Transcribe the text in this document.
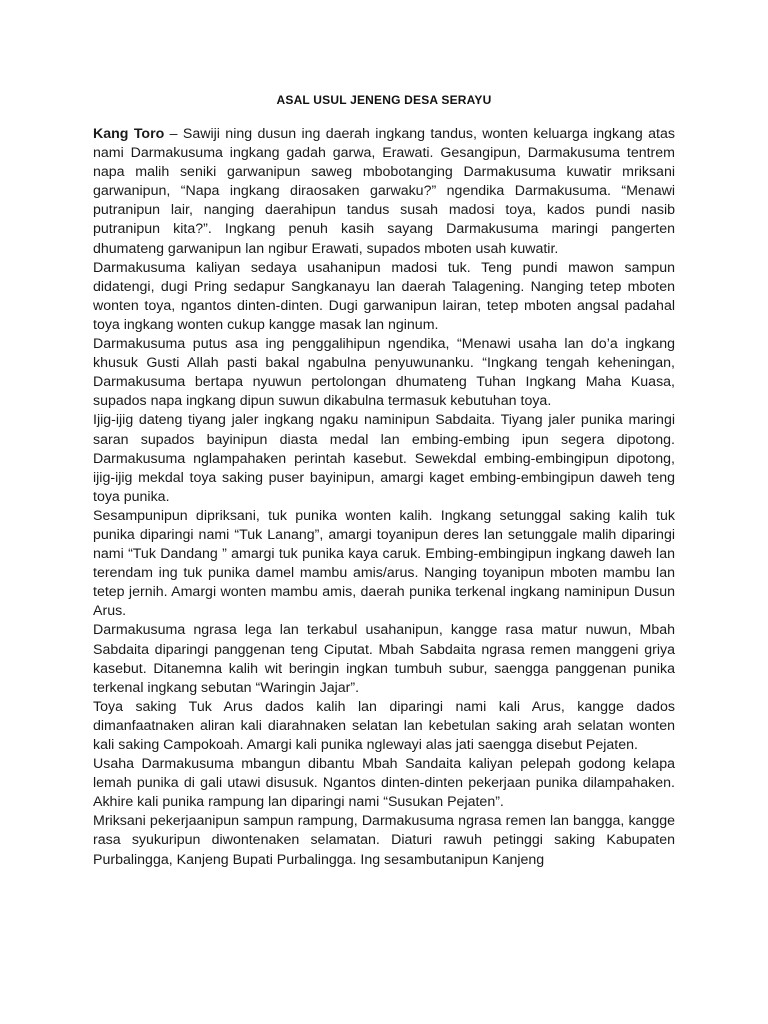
ASAL USUL JENENG DESA SERAYU

Kang Toro – Sawiji ning dusun ing daerah ingkang tandus, wonten keluarga ingkang atas nami Darmakusuma ingkang gadah garwa, Erawati. Gesangipun, Darmakusuma tentrem napa malih seniki garwanipun saweg mbobotanging Darmakusuma kuwatir mriksani garwanipun, “Napa ingkang diraosaken garwaku?” ngendika Darmakusuma. “Menawi putranipun lair, nanging daerahipun tandus susah madosi toya, kados pundi nasib putranipun kita?”. Ingkang penuh kasih sayang Darmakusuma maringi pangerten dhumateng garwanipun lan ngibur Erawati, supados mboten usah kuwatir.

Darmakusuma kaliyan sedaya usahanipun madosi tuk. Teng pundi mawon sampun didatengi, dugi Pring sedapur Sangkanayu lan daerah Talagening. Nanging tetep mboten wonten toya, ngantos dinten-dinten. Dugi garwanipun lairan, tetep mboten angsal padahal toya ingkang wonten cukup kangge masak lan nginum.

Darmakusuma putus asa ing penggalihipun ngendika, “Menawi usaha lan do’a ingkang khusuk Gusti Allah pasti bakal ngabulna penyuwunanku. “Ingkang tengah keheningan, Darmakusuma bertapa nyuwun pertolongan dhumateng Tuhan Ingkang Maha Kuasa, supados napa ingkang dipun suwun dikabulna termasuk kebutuhan toya.

Ijig-ijig dateng tiyang jaler ingkang ngaku naminipun Sabdaita. Tiyang jaler punika maringi saran supados bayinipun diasta medal lan embing-embing ipun segera dipotong. Darmakusuma nglampahaken perintah kasebut. Sewekdal embing-embingipun dipotong, ijig-ijig mekdal toya saking puser bayinipun, amargi kaget embing-embingipun daweh teng toya punika.

Sesampunipun dipriksani, tuk punika wonten kalih. Ingkang setunggal saking kalih tuk punika diparingi nami “Tuk Lanang”, amargi toyanipun deres lan setunggale malih diparingi nami “Tuk Dandang ” amargi tuk punika kaya caruk. Embing-embingipun ingkang daweh lan terendam ing tuk punika damel mambu amis/arus. Nanging toyanipun mboten mambu lan tetep jernih. Amargi wonten mambu amis, daerah punika terkenal ingkang naminipun Dusun Arus.

Darmakusuma ngrasa lega lan terkabul usahanipun, kangge rasa matur nuwun, Mbah Sabdaita diparingi panggenan teng Ciputat. Mbah Sabdaita ngrasa remen manggeni griya kasebut. Ditanemna kalih wit beringin ingkan tumbuh subur, saengga panggenan punika terkenal ingkang sebutan “Waringin Jajar”.

Toya saking Tuk Arus dados kalih lan diparingi nami kali Arus, kangge dados dimanfaatnaken aliran kali diarahnaken selatan lan kebetulan saking arah selatan wonten kali saking Campokoah. Amargi kali punika nglewayi alas jati saengga disebut Pejaten.

Usaha Darmakusuma mbangun dibantu Mbah Sandaita kaliyan pelepah godong kelapa lemah punika di gali utawi disusuk. Ngantos dinten-dinten pekerjaan punika dilampahaken. Akhire kali punika rampung lan diparingi nami “Susukan Pejaten”.

Mriksani pekerjaanipun sampun rampung, Darmakusuma ngrasa remen lan bangga, kangge rasa syukuripun diwontenaken selamatan. Diaturi rawuh petinggi saking Kabupaten Purbalingga, Kanjeng Bupati Purbalingga. Ing sesambutanipun Kanjeng
